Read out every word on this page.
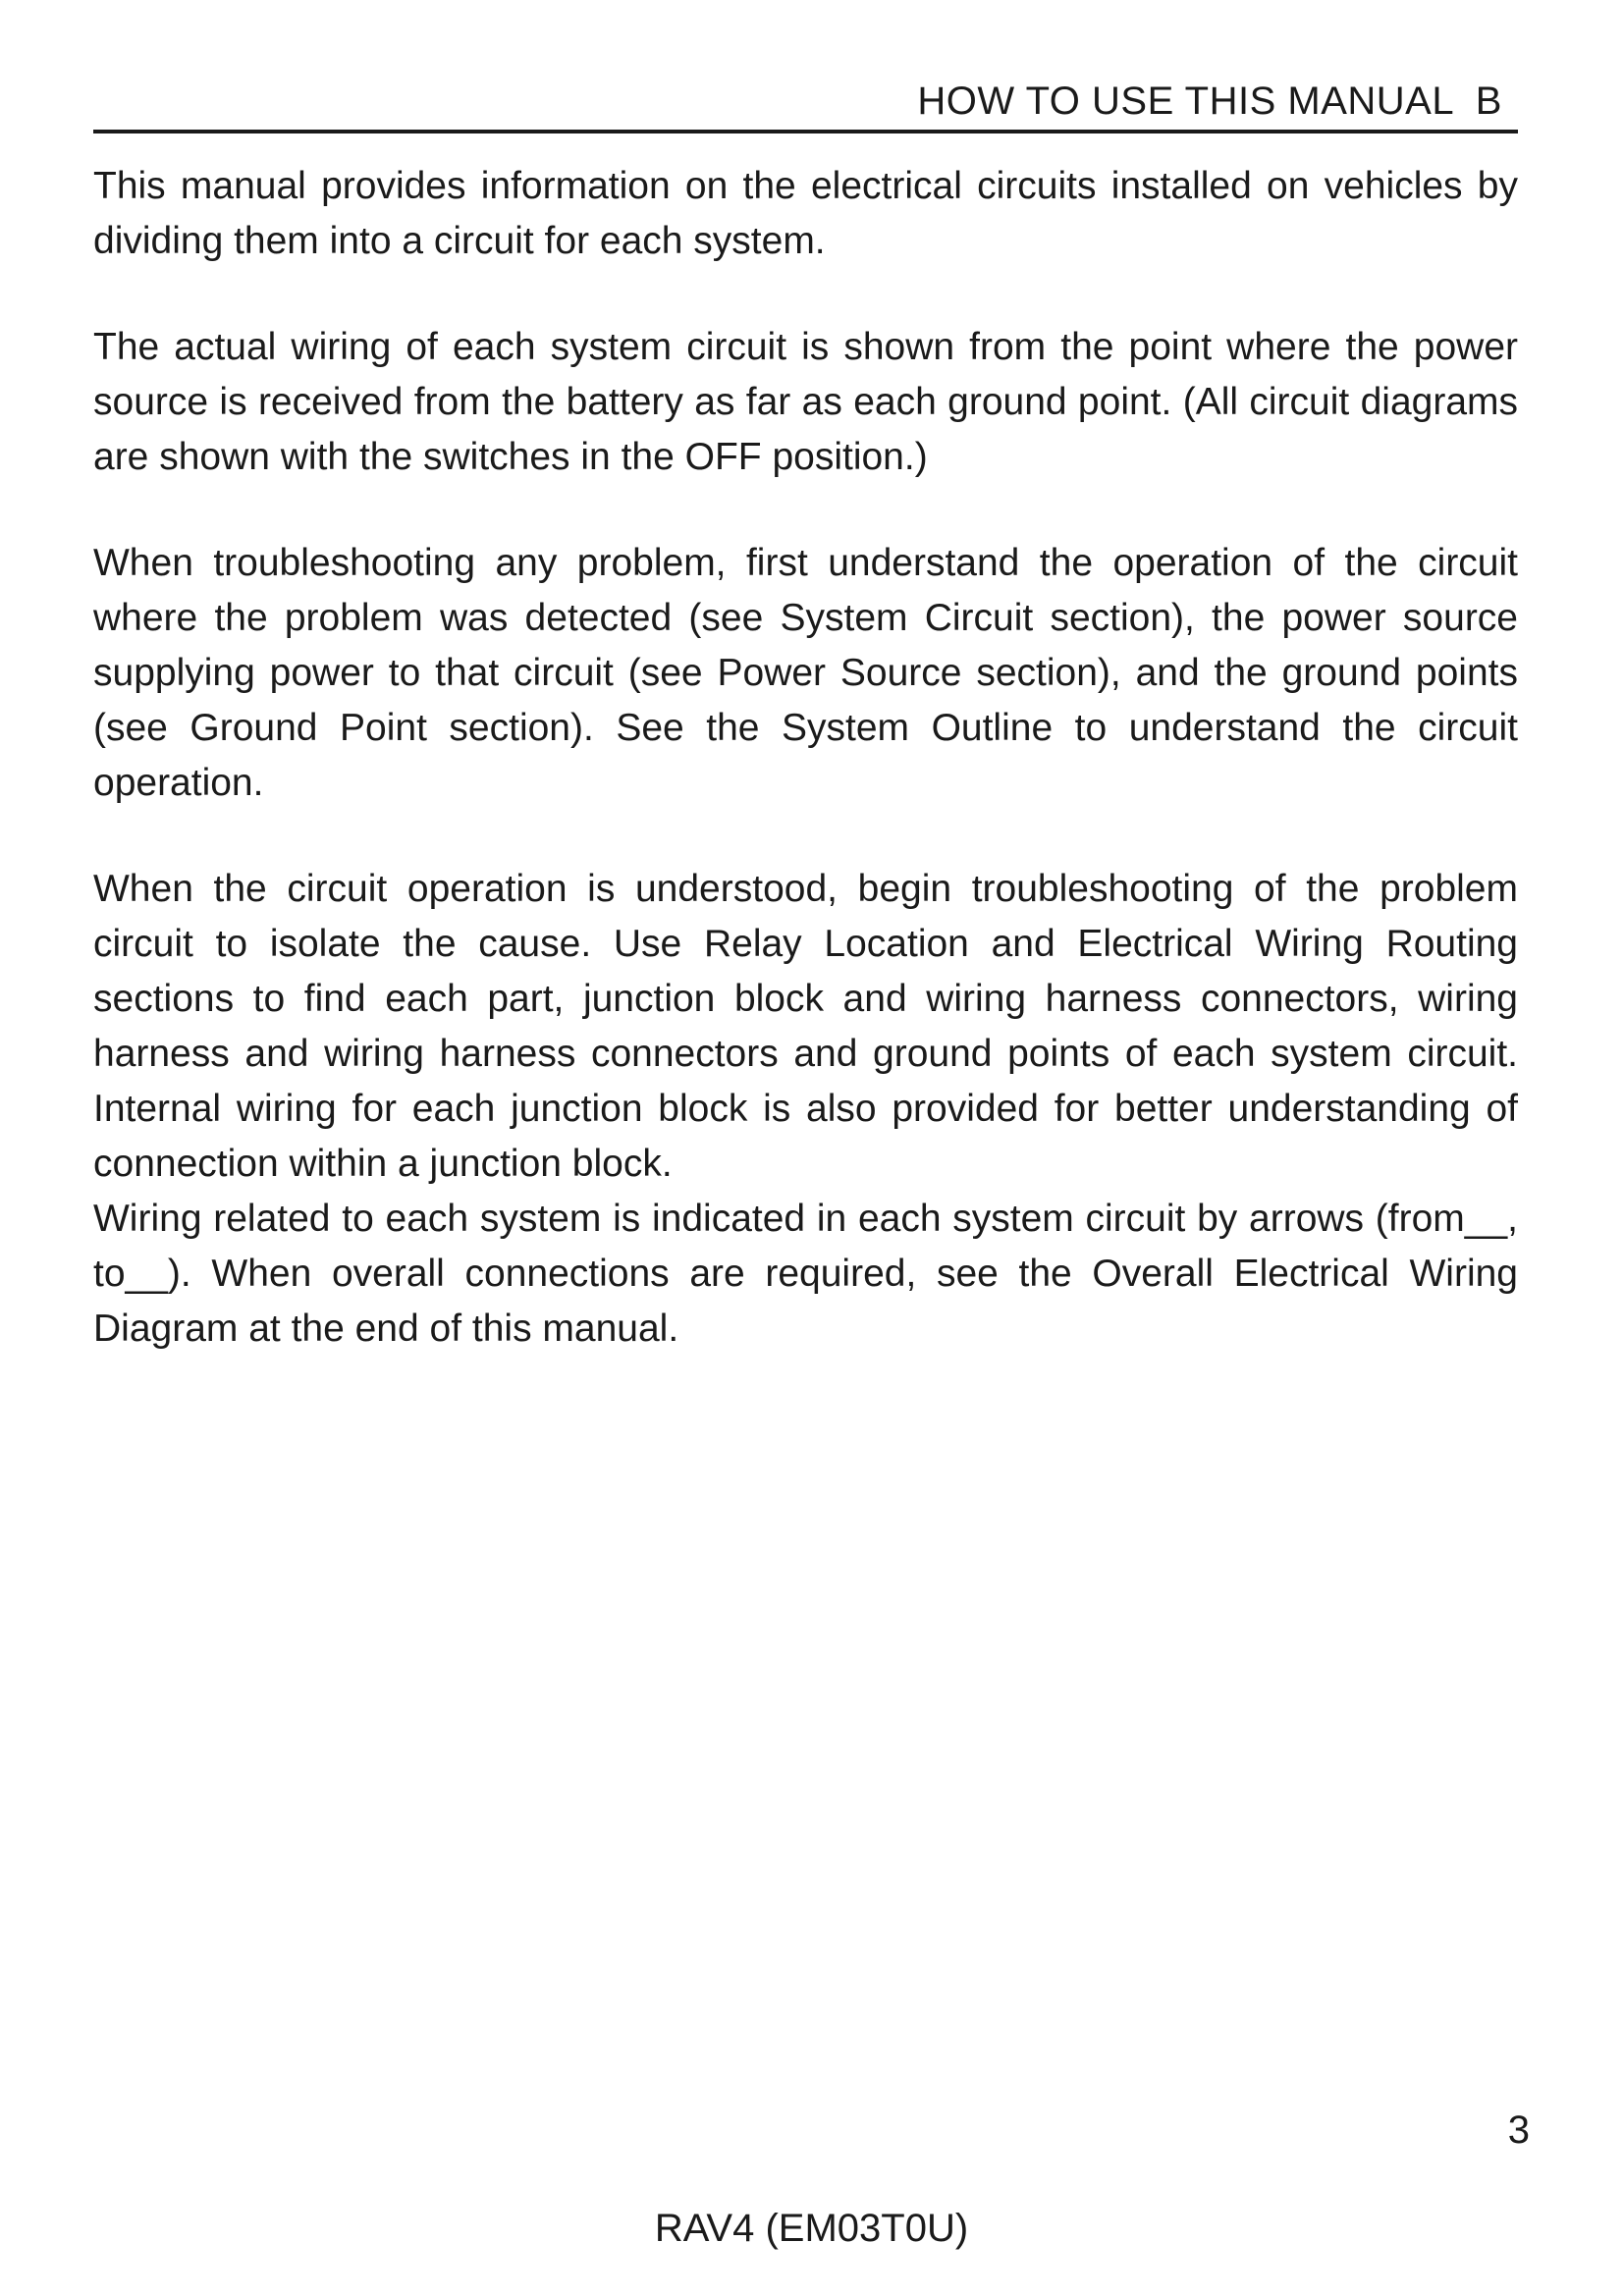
HOW TO USE THIS MANUAL  B

This manual provides information on the electrical circuits installed on vehicles by dividing them into a circuit for each system.

The actual wiring of each system circuit is shown from the point where the power source is received from the battery as far as each ground point. (All circuit diagrams are shown with the switches in the OFF position.)

When troubleshooting any problem, first understand the operation of the circuit where the problem was detected (see System Circuit section), the power source supplying power to that circuit (see Power Source section), and the ground points (see Ground Point section). See the System Outline to understand the circuit operation.

When the circuit operation is understood, begin troubleshooting of the problem circuit to isolate the cause. Use Relay Location and Electrical Wiring Routing sections to find each part, junction block and wiring harness connectors, wiring harness and wiring harness connectors and ground points of each system circuit. Internal wiring for each junction block is also provided for better understanding of connection within a junction block.

Wiring related to each system is indicated in each system circuit by arrows (from__, to__). When overall connections are required, see the Overall Electrical Wiring Diagram at the end of this manual.

3
RAV4 (EM03T0U)
